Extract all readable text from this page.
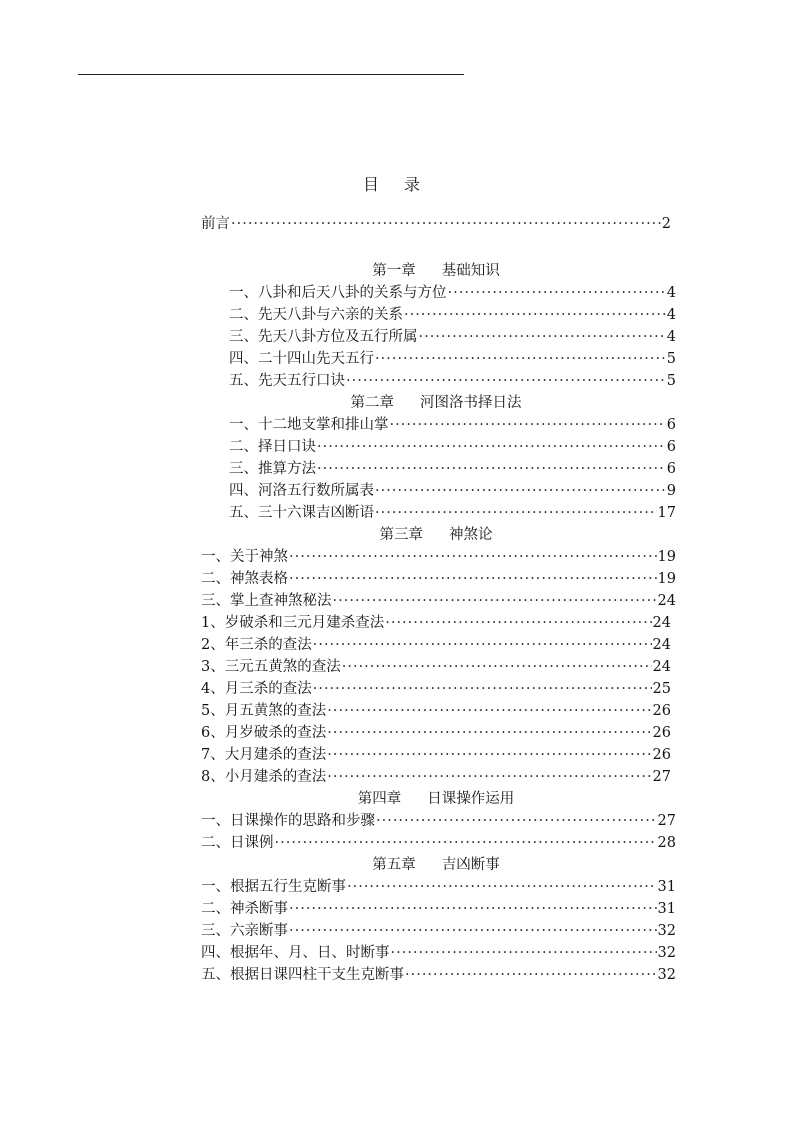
目 录
前言 ·····	2
第一章 基础知识
一、八卦和后天八卦的关系与方位 ·····	4
二、先天八卦与六亲的关系 ·····	4
三、先天八卦方位及五行所属 ·····	4
四、二十四山先天五行 ·····	5
五、先天五行口诀 ·····	5
第二章 河图洛书择日法
一、十二地支掌和排山掌 ·····	6
二、择日口诀 ·····	6
三、推算方法 ·····	6
四、河洛五行数所属表 ·····	9
五、三十六课吉凶断语 ·····	17
第三章 神煞论
一、关于神煞 ·····	19
二、神煞表格 ·····	19
三、掌上查神煞秘法 ·····	24
1、岁破杀和三元月建杀查法 ·····	24
2、年三杀的查法 ·····	24
3、三元五黄煞的查法 ·····	24
4、月三杀的查法 ·····	25
5、月五黄煞的查法 ·····	26
6、月岁破杀的查法 ·····	26
7、大月建杀的查法 ·····	26
8、小月建杀的查法 ·····	27
第四章 日课操作运用
一、日课操作的思路和步骤 ·····	27
二、日课例 ·····	28
第五章 吉凶断事
一、根据五行生克断事 ·····	31
二、神杀断事 ·····	31
三、六亲断事 ·····	32
四、根据年、月、日、时断事 ·····	32
五、根据日课四柱干支生克断事 ·····	32
